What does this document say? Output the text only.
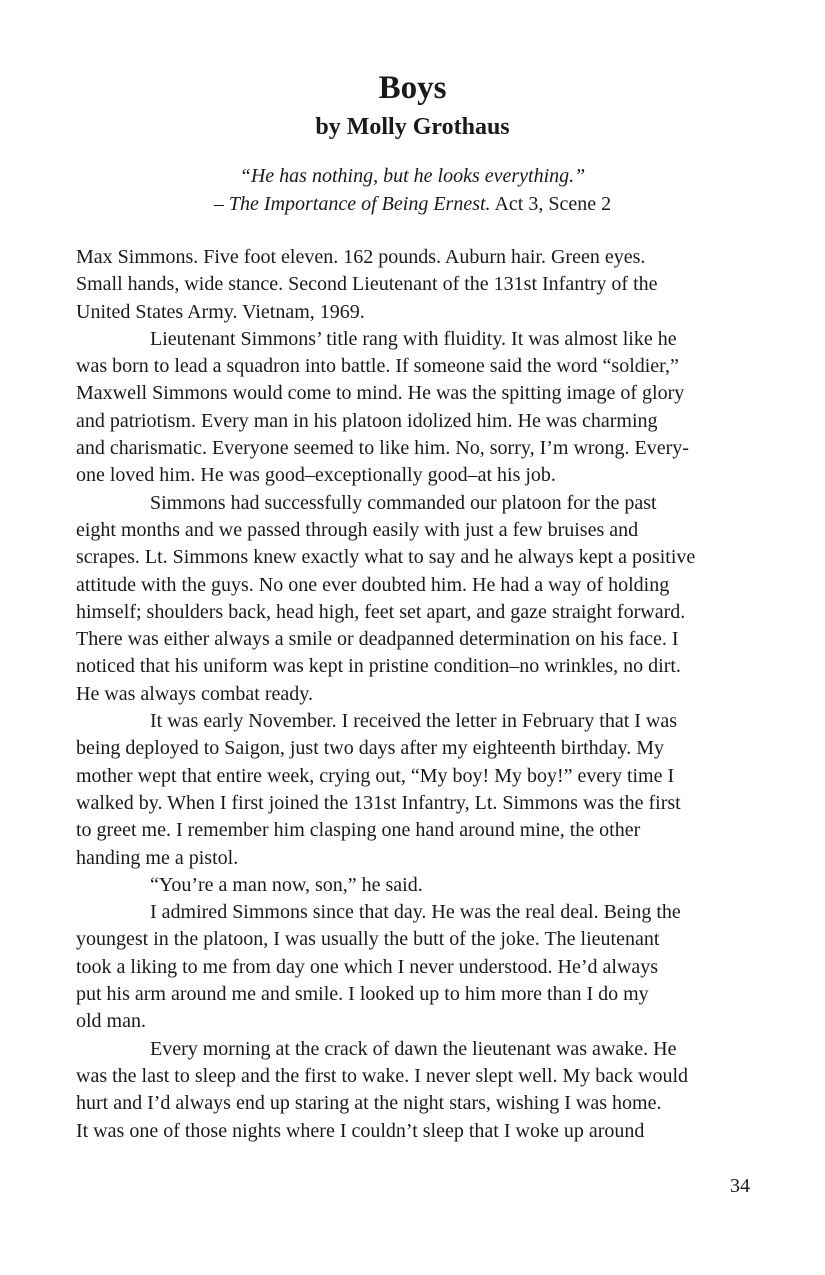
Boys
by Molly Grothaus
“He has nothing, but he looks everything.”
– The Importance of Being Ernest. Act 3, Scene 2
Max Simmons. Five foot eleven. 162 pounds. Auburn hair. Green eyes.
Small hands, wide stance. Second Lieutenant of the 131st Infantry of the
United States Army. Vietnam, 1969.
Lieutenant Simmons’ title rang with fluidity. It was almost like he
was born to lead a squadron into battle. If someone said the word “soldier,”
Maxwell Simmons would come to mind. He was the spitting image of glory
and patriotism. Every man in his platoon idolized him. He was charming
and charismatic. Everyone seemed to like him. No, sorry, I’m wrong. Every-
one loved him. He was good–exceptionally good–at his job.
Simmons had successfully commanded our platoon for the past
eight months and we passed through easily with just a few bruises and
scrapes. Lt. Simmons knew exactly what to say and he always kept a positive
attitude with the guys. No one ever doubted him. He had a way of holding
himself; shoulders back, head high, feet set apart, and gaze straight forward.
There was either always a smile or deadpanned determination on his face. I
noticed that his uniform was kept in pristine condition–no wrinkles, no dirt.
He was always combat ready.
It was early November. I received the letter in February that I was
being deployed to Saigon, just two days after my eighteenth birthday. My
mother wept that entire week, crying out, “My boy! My boy!” every time I
walked by. When I first joined the 131st Infantry, Lt. Simmons was the first
to greet me. I remember him clasping one hand around mine, the other
handing me a pistol.
“You’re a man now, son,” he said.
I admired Simmons since that day. He was the real deal. Being the
youngest in the platoon, I was usually the butt of the joke. The lieutenant
took a liking to me from day one which I never understood. He’d always
put his arm around me and smile. I looked up to him more than I do my
old man.
Every morning at the crack of dawn the lieutenant was awake. He
was the last to sleep and the first to wake. I never slept well. My back would
hurt and I’d always end up staring at the night stars, wishing I was home.
It was one of those nights where I couldn’t sleep that I woke up around
34
